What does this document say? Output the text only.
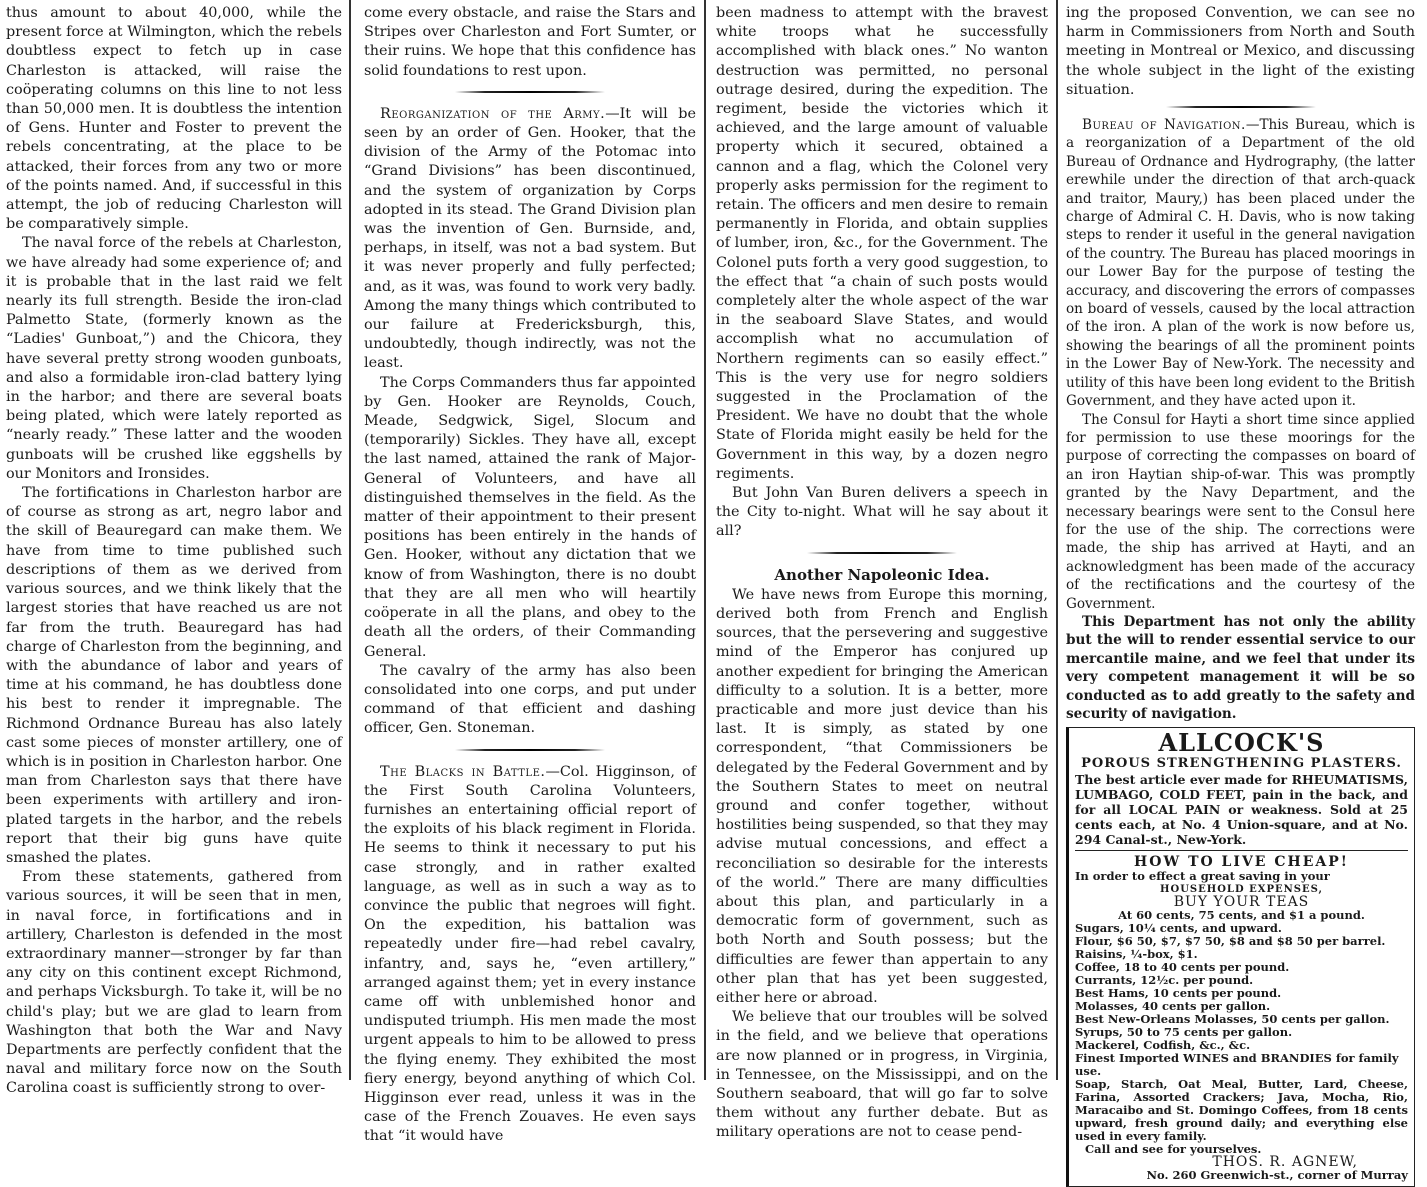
thus amount to about 40,000, while the present force at Wilmington, which the rebels doubtless expect to fetch up in case Charleston is attacked, will raise the coöperating columns on this line to not less than 50,000 men. It is doubtless the intention of Gens. Hunter and Foster to prevent the rebels concentrating, at the place to be attacked, their forces from any two or more of the points named. And, if successful in this attempt, the job of reducing Charleston will be comparatively simple.

The naval force of the rebels at Charleston, we have already had some experience of; and it is probable that in the last raid we felt nearly its full strength. Beside the iron-clad Palmetto State, (formerly known as the “Ladies' Gunboat,”) and the Chicora, they have several pretty strong wooden gunboats, and also a formidable iron-clad battery lying in the harbor; and there are several boats being plated, which were lately reported as “nearly ready.” These latter and the wooden gunboats will be crushed like eggshells by our Monitors and Ironsides.

The fortifications in Charleston harbor are of course as strong as art, negro labor and the skill of Beauregard can make them. We have from time to time published such descriptions of them as we derived from various sources, and we think likely that the largest stories that have reached us are not far from the truth. Beauregard has had charge of Charleston from the beginning, and with the abundance of labor and years of time at his command, he has doubtless done his best to render it impregnable. The Richmond Ordnance Bureau has also lately cast some pieces of monster artillery, one of which is in position in Charleston harbor. One man from Charleston says that there have been experiments with artillery and iron-plated targets in the harbor, and the rebels report that their big guns have quite smashed the plates.

From these statements, gathered from various sources, it will be seen that in men, in naval force, in fortifications and in artillery, Charleston is defended in the most extraordinary manner—stronger by far than any city on this continent except Richmond, and perhaps Vicksburgh. To take it, will be no child's play; but we are glad to learn from Washington that both the War and Navy Departments are perfectly confident that the naval and military force now on the South Carolina coast is sufficiently strong to over-

come every obstacle, and raise the Stars and Stripes over Charleston and Fort Sumter, or their ruins. We hope that this confidence has solid foundations to rest upon.

Reorganization of the Army.—It will be seen by an order of Gen. Hooker, that the division of the Army of the Potomac into “Grand Divisions” has been discontinued, and the system of organization by Corps adopted in its stead. The Grand Division plan was the invention of Gen. Burnside, and, perhaps, in itself, was not a bad system. But it was never properly and fully perfected; and, as it was, was found to work very badly. Among the many things which contributed to our failure at Fredericksburgh, this, undoubtedly, though indirectly, was not the least.

The Corps Commanders thus far appointed by Gen. Hooker are Reynolds, Couch, Meade, Sedgwick, Sigel, Slocum and (temporarily) Sickles. They have all, except the last named, attained the rank of Major-General of Volunteers, and have all distinguished themselves in the field. As the matter of their appointment to their present positions has been entirely in the hands of Gen. Hooker, without any dictation that we know of from Washington, there is no doubt that they are all men who will heartily coöperate in all the plans, and obey to the death all the orders, of their Commanding General.

The cavalry of the army has also been consolidated into one corps, and put under command of that efficient and dashing officer, Gen. Stoneman.

The Blacks in Battle.—Col. Higginson, of the First South Carolina Volunteers, furnishes an entertaining official report of the exploits of his black regiment in Florida. He seems to think it necessary to put his case strongly, and in rather exalted language, as well as in such a way as to convince the public that negroes will fight. On the expedition, his battalion was repeatedly under fire—had rebel cavalry, infantry, and, says he, “even artillery,” arranged against them; yet in every instance came off with unblemished honor and undisputed triumph. His men made the most urgent appeals to him to be allowed to press the flying enemy. They exhibited the most fiery energy, beyond anything of which Col. Higginson ever read, unless it was in the case of the French Zouaves. He even says that “it would have

been madness to attempt with the bravest white troops what he successfully accomplished with black ones.” No wanton destruction was permitted, no personal outrage desired, during the expedition. The regiment, beside the victories which it achieved, and the large amount of valuable property which it secured, obtained a cannon and a flag, which the Colonel very properly asks permission for the regiment to retain. The officers and men desire to remain permanently in Florida, and obtain supplies of lumber, iron, &c., for the Government. The Colonel puts forth a very good suggestion, to the effect that “a chain of such posts would completely alter the whole aspect of the war in the seaboard Slave States, and would accomplish what no accumulation of Northern regiments can so easily effect.” This is the very use for negro soldiers suggested in the Proclamation of the President. We have no doubt that the whole State of Florida might easily be held for the Government in this way, by a dozen negro regiments.

But John Van Buren delivers a speech in the City to-night. What will he say about it all?

Another Napoleonic Idea.

We have news from Europe this morning, derived both from French and English sources, that the persevering and suggestive mind of the Emperor has conjured up another expedient for bringing the American difficulty to a solution. It is a better, more practicable and more just device than his last. It is simply, as stated by one correspondent, “that Commissioners be delegated by the Federal Government and by the Southern States to meet on neutral ground and confer together, without hostilities being suspended, so that they may advise mutual concessions, and effect a reconciliation so desirable for the interests of the world.” There are many difficulties about this plan, and particularly in a democratic form of government, such as both North and South possess; but the difficulties are fewer than appertain to any other plan that has yet been suggested, either here or abroad.

We believe that our troubles will be solved in the field, and we believe that operations are now planned or in progress, in Virginia, in Tennessee, on the Mississippi, and on the Southern seaboard, that will go far to solve them without any further debate. But as military operations are not to cease pend-

ing the proposed Convention, we can see no harm in Commissioners from North and South meeting in Montreal or Mexico, and discussing the whole subject in the light of the existing situation.

Bureau of Navigation.—This Bureau, which is a reorganization of a Department of the old Bureau of Ordnance and Hydrography, (the latter erewhile under the direction of that arch-quack and traitor, Maury,) has been placed under the charge of Admiral C. H. Davis, who is now taking steps to render it useful in the general navigation of the country. The Bureau has placed moorings in our Lower Bay for the purpose of testing the accuracy, and discovering the errors of compasses on board of vessels, caused by the local attraction of the iron. A plan of the work is now before us, showing the bearings of all the prominent points in the Lower Bay of New-York. The necessity and utility of this have been long evident to the British Government, and they have acted upon it.

The Consul for Hayti a short time since applied for permission to use these moorings for the purpose of correcting the compasses on board of an iron Haytian ship-of-war. This was promptly granted by the Navy Department, and the necessary bearings were sent to the Consul here for the use of the ship. The corrections were made, the ship has arrived at Hayti, and an acknowledgment has been made of the accuracy of the rectifications and the courtesy of the Government.

This Department has not only the ability but the will to render essential service to our mercantile maine, and we feel that under its very competent management it will be so conducted as to add greatly to the safety and security of navigation.

ALLCOCK'S
POROUS STRENGTHENING PLASTERS.
The best article ever made for RHEUMATISMS, LUMBAGO, COLD FEET, pain in the back, and for all LOCAL PAIN or weakness. Sold at 25 cents each, at No. 4 Union-square, and at No. 294 Canal-st., New-York.
HOW TO LIVE CHEAP!

In order to effect a great saving in your

HOUSEHOLD EXPENSES,

BUY YOUR TEAS

At 60 cents, 75 cents, and $1 a pound.

Sugars, 10¼ cents, and upward.

Flour, $6 50, $7, $7 50, $8 and $8 50 per barrel.

Raisins, ¼-box, $1.

Coffee, 18 to 40 cents per pound.

Currants, 12½c. per pound.

Best Hams, 10 cents per pound.

Molasses, 40 cents per gallon.

Best New-Orleans Molasses, 50 cents per gallon.

Syrups, 50 to 75 cents per gallon.

Mackerel, Codfish, &c., &c.

Finest Imported WINES and BRANDIES for family use.

Soap, Starch, Oat Meal, Butter, Lard, Cheese, Farina, Assorted Crackers; Java, Mocha, Rio, Maracaibo and St. Domingo Coffees, from 18 cents upward, fresh ground daily; and everything else used in every family.

Call and see for yourselves.

THOS. R. AGNEW,

No. 260 Greenwich-st., corner of Murray
